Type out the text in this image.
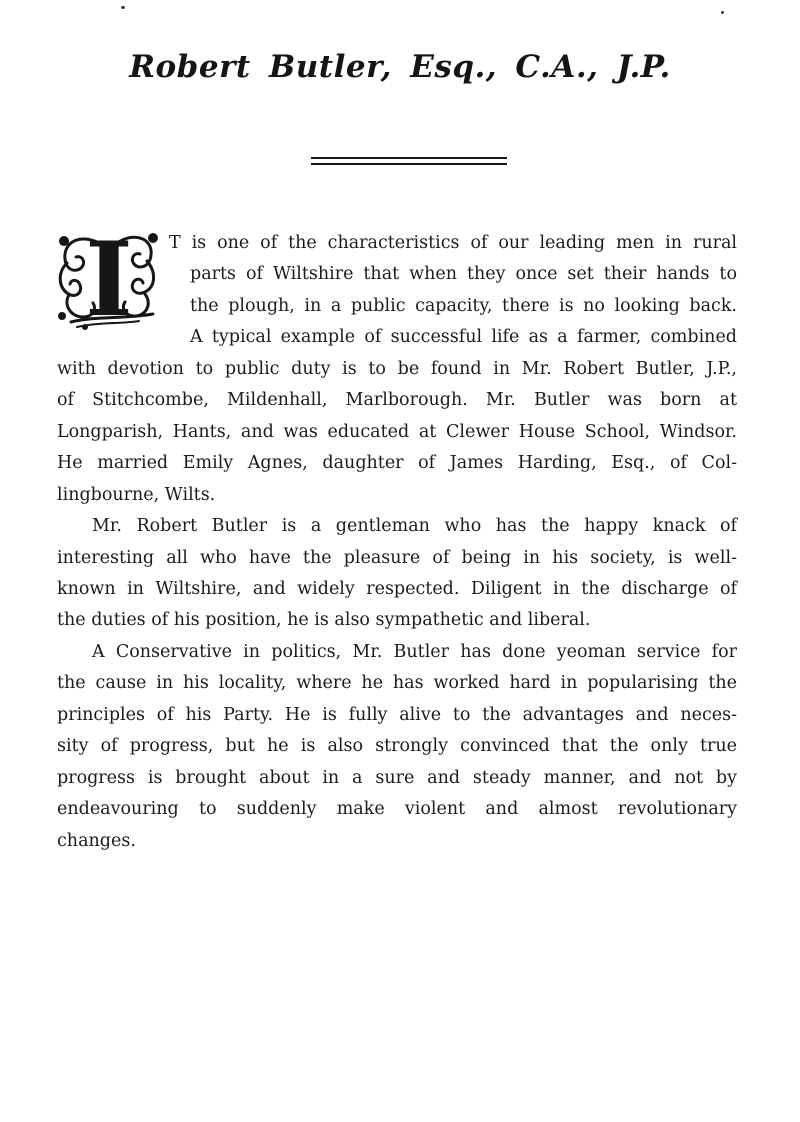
Robert Butler, Esq., C.A., J.P.
I T is one of the characteristics of our leading men in rural
parts of Wiltshire that when they once set their hands to
the plough, in a public capacity, there is no looking back.
A typical example of successful life as a farmer, combined
with devotion to public duty is to be found in Mr. Robert Butler, J.P.,
of Stitchcombe, Mildenhall, Marlborough. Mr. Butler was born at
Longparish, Hants, and was educated at Clewer House School, Windsor.
He married Emily Agnes, daughter of James Harding, Esq., of Col-
lingbourne, Wilts.
Mr. Robert Butler is a gentleman who has the happy knack of
interesting all who have the pleasure of being in his society, is well-
known in Wiltshire, and widely respected. Diligent in the discharge of
the duties of his position, he is also sympathetic and liberal.
A Conservative in politics, Mr. Butler has done yeoman service for
the cause in his locality, where he has worked hard in popularising the
principles of his Party. He is fully alive to the advantages and neces-
sity of progress, but he is also strongly convinced that the only true
progress is brought about in a sure and steady manner, and not by
endeavouring to suddenly make violent and almost revolutionary
changes.
